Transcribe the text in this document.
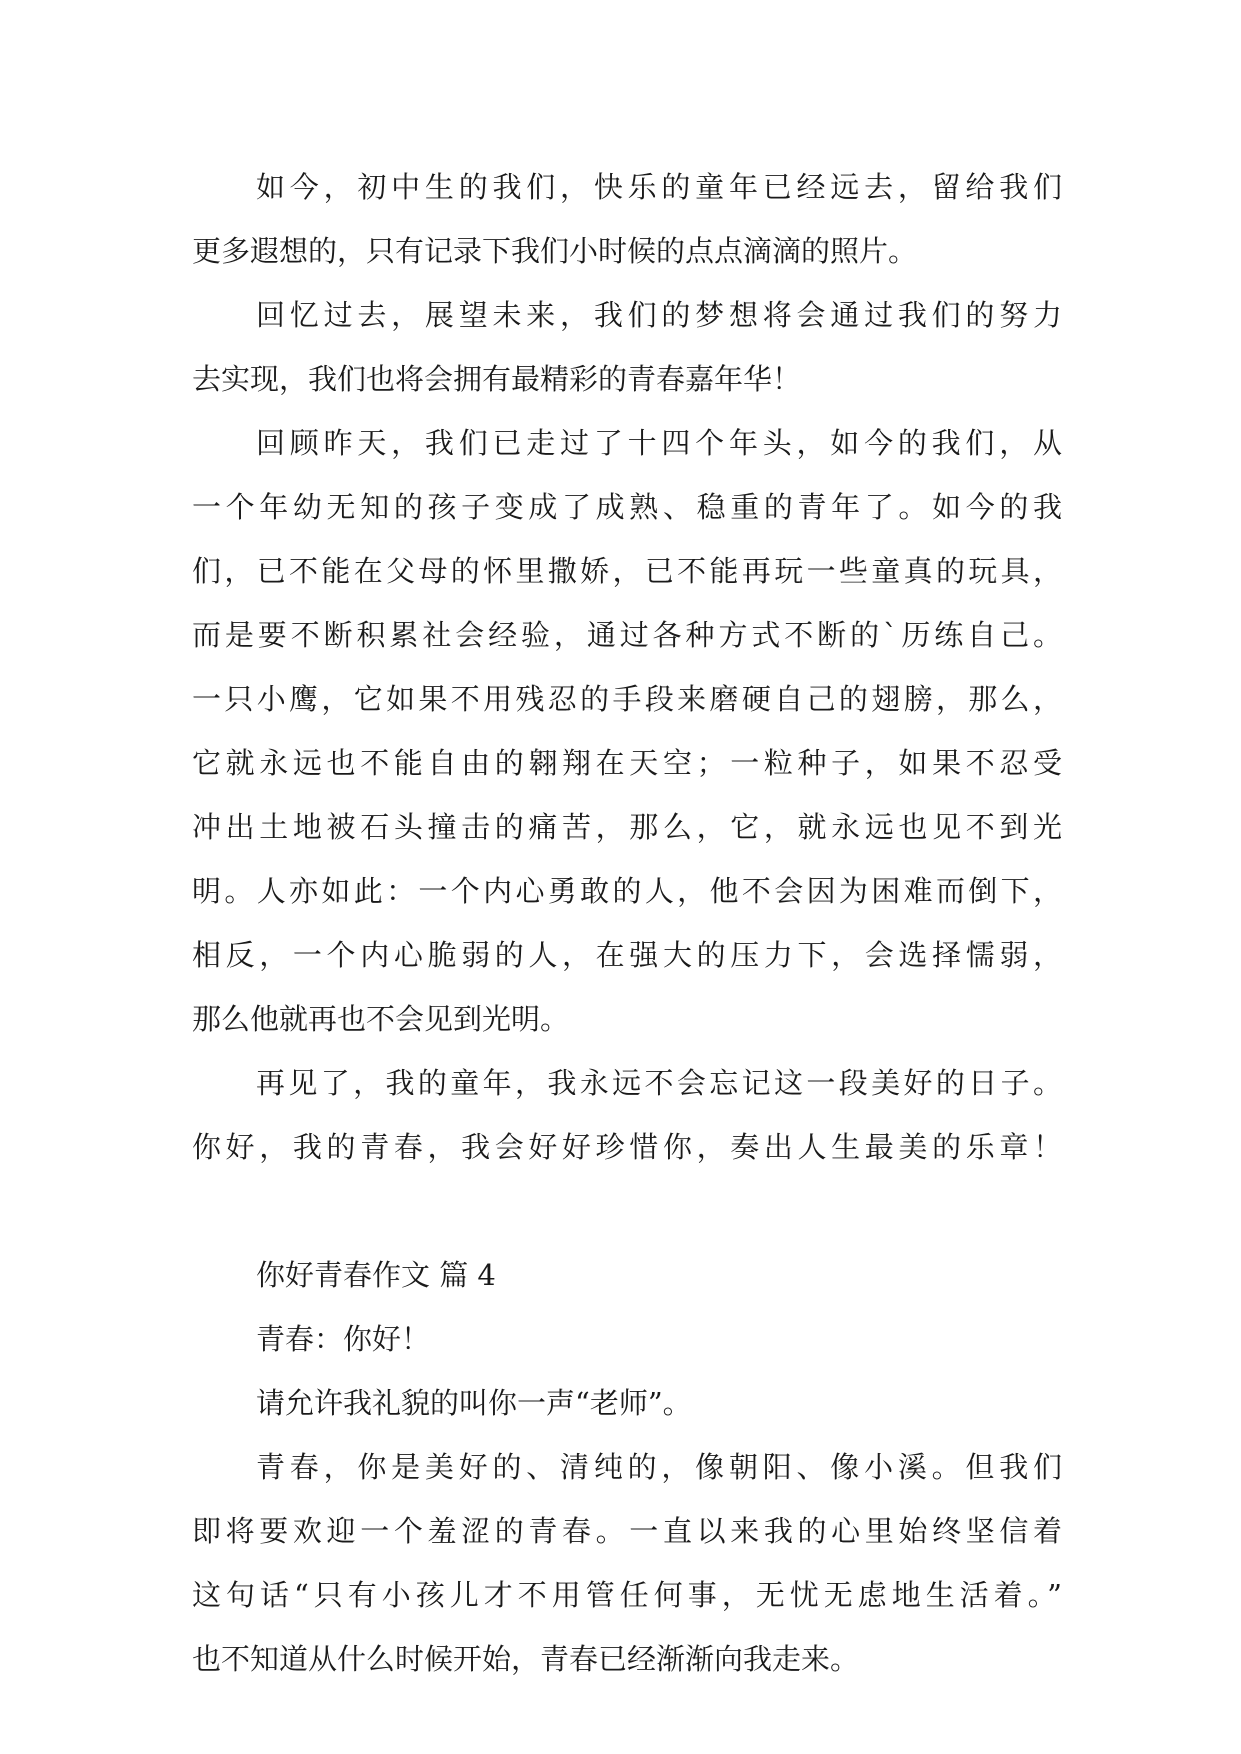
如今，初中生的我们，快乐的童年已经远去，留给我们
更多遐想的，只有记录下我们小时候的点点滴滴的照片。
回忆过去，展望未来，我们的梦想将会通过我们的努力
去实现，我们也将会拥有最精彩的青春嘉年华！
回顾昨天，我们已走过了十四个年头，如今的我们，从
一个年幼无知的孩子变成了成熟、稳重的青年了。如今的我
们，已不能在父母的怀里撒娇，已不能再玩一些童真的玩具，
而是要不断积累社会经验，通过各种方式不断的`历练自己。
一只小鹰，它如果不用残忍的手段来磨硬自己的翅膀，那么，
它就永远也不能自由的翱翔在天空；一粒种子，如果不忍受
冲出土地被石头撞击的痛苦，那么，它，就永远也见不到光
明。人亦如此：一个内心勇敢的人，他不会因为困难而倒下，
相反，一个内心脆弱的人，在强大的压力下，会选择懦弱，
那么他就再也不会见到光明。
再见了，我的童年，我永远不会忘记这一段美好的日子。
你好，我的青春，我会好好珍惜你，奏出人生最美的乐章！
你好青春作文 篇 4
青春：你好！
请允许我礼貌的叫你一声“老师”。
青春，你是美好的、清纯的，像朝阳、像小溪。但我们
即将要欢迎一个羞涩的青春。一直以来我的心里始终坚信着
这句话“只有小孩儿才不用管任何事，无忧无虑地生活着。”
也不知道从什么时候开始，青春已经渐渐向我走来。
